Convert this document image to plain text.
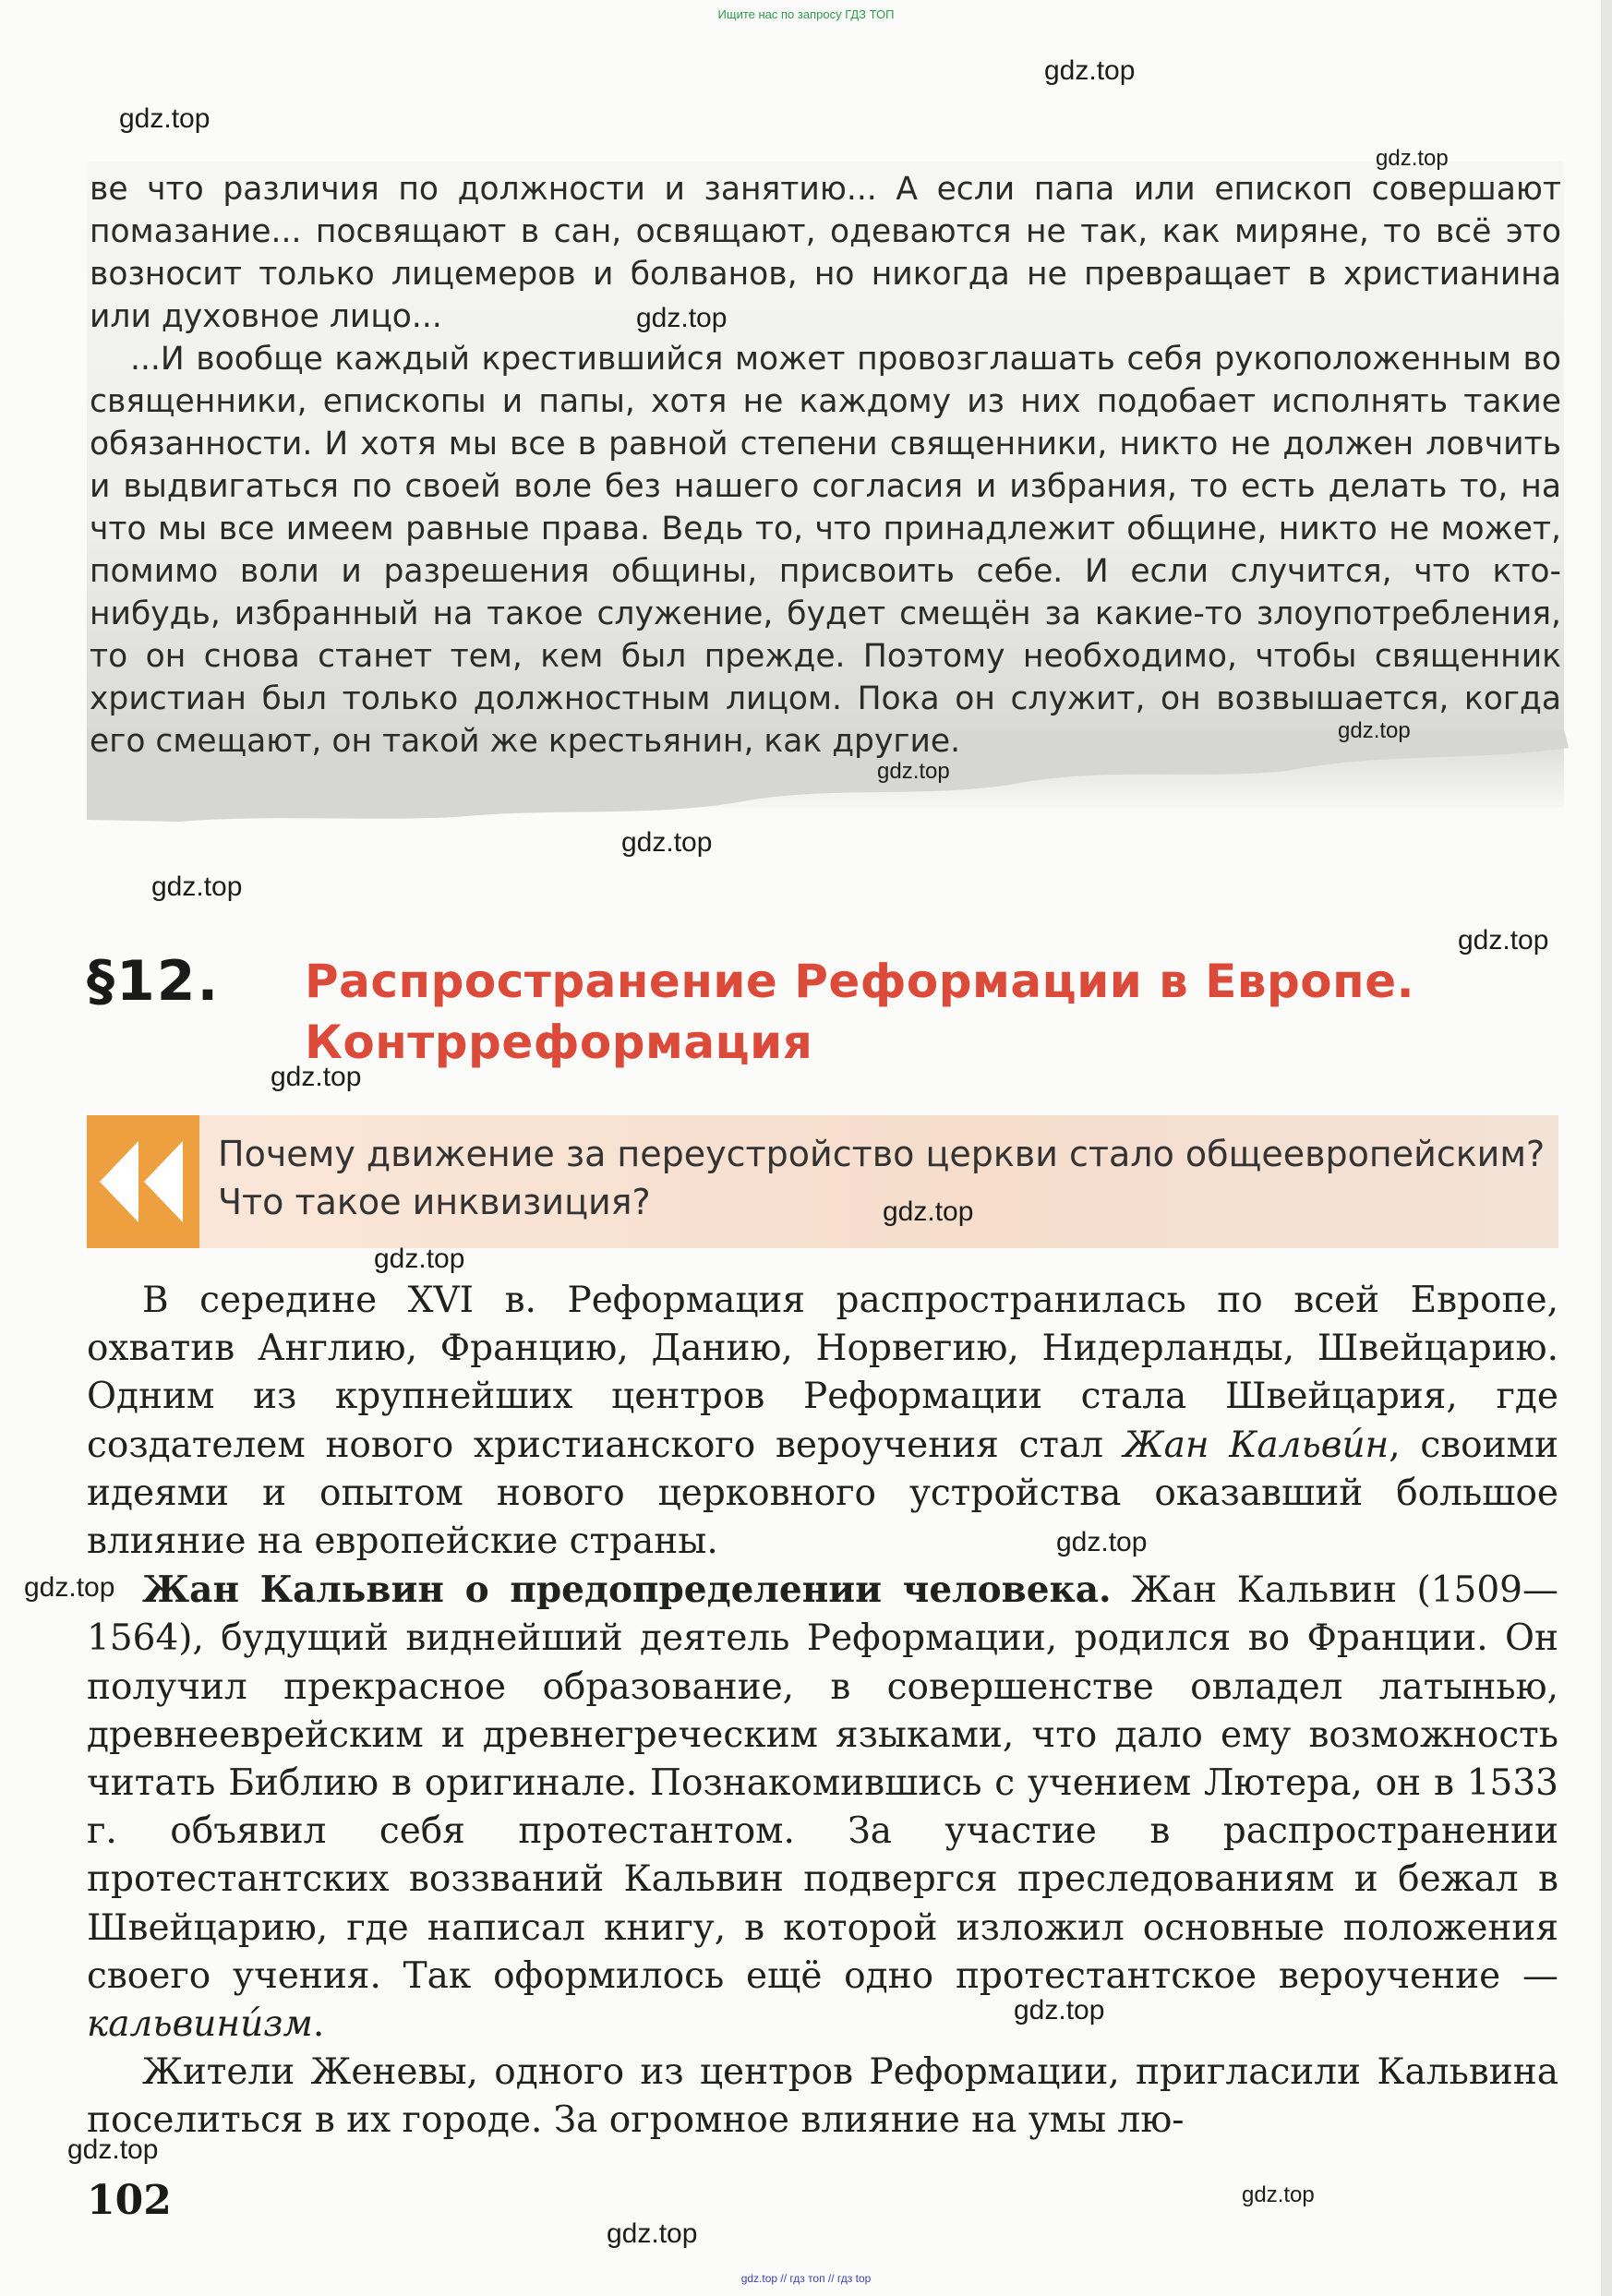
Ищите нас по запросу ГДЗ ТОП

ве что различия по должности и занятию... А если папа или епископ совершают помазание... посвящают в сан, освящают, одеваются не так, как миряне, то всё это возносит только лицемеров и болванов, но никогда не превращает в христианина или духовное лицо...

...И вообще каждый крестившийся может провозглашать себя рукоположенным во священники, епископы и папы, хотя не каждому из них подобает исполнять такие обязанности. И хотя мы все в равной степени священники, никто не должен ловчить и выдвигаться по своей воле без нашего согласия и избрания, то есть делать то, на что мы все имеем равные права. Ведь то, что принадлежит общине, никто не может, помимо воли и разрешения общины, присвоить себе. И если случится, что кто-нибудь, избранный на такое служение, будет смещён за какие-то злоупотребления, то он снова станет тем, кем был прежде. Поэтому необходимо, чтобы священник христиан был только должностным лицом. Пока он служит, он возвышается, когда его смещают, он такой же крестьянин, как другие.

§12. Распространение Реформации в Европе. Контрреформация
Почему движение за переустройство церкви стало общеевропейским?
Что такое инквизиция?

В середине XVI в. Реформация распространилась по всей Европе, охватив Англию, Францию, Данию, Норвегию, Нидерланды, Швейцарию. Одним из крупнейших центров Реформации стала Швейцария, где создателем нового христианского вероучения стал Жан Кальви́н, своими идеями и опытом нового церковного устройства оказавший большое влияние на европейские страны.

Жан Кальвин о предопределении человека. Жан Кальвин (1509—1564), будущий виднейший деятель Реформации, родился во Франции. Он получил прекрасное образование, в совершенстве овладел латынью, древнееврейским и древнегреческим языками, что дало ему возможность читать Библию в оригинале. Познакомившись с учением Лютера, он в 1533 г. объявил себя протестантом. За участие в распространении протестантских воззваний Кальвин подвергся преследованиям и бежал в Швейцарию, где написал книгу, в которой изложил основные положения своего учения. Так оформилось ещё одно протестантское вероучение — кальвини́зм.

Жители Женевы, одного из центров Реформации, пригласили Кальвина поселиться в их городе. За огромное влияние на умы лю-

102
gdz.top
gdz.top
gdz.top
gdz.top
gdz.top
gdz.top
gdz.top
gdz.top
gdz.top
gdz.top
gdz.top
gdz.top
gdz.top
gdz.top
gdz.top
gdz.top
gdz.top
gdz.top
gdz.top // гдз топ // гдз top
